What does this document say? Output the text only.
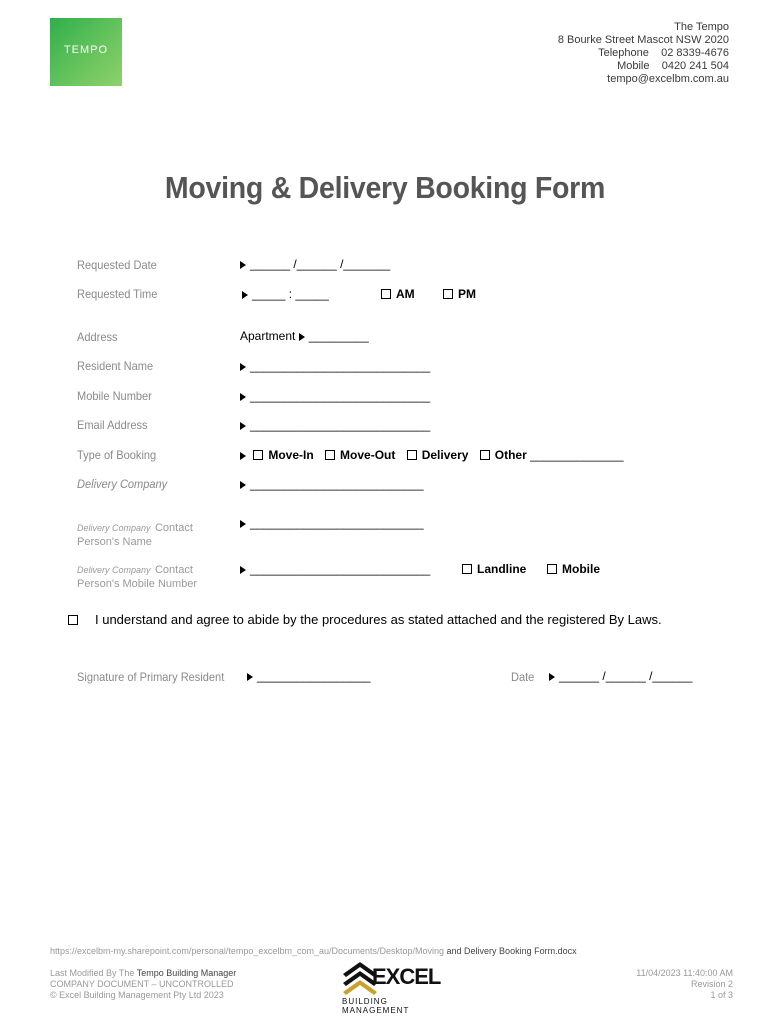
TEMPO
The Tempo
8 Bourke Street Mascot NSW 2020
Telephone    02 8339-4676
Mobile    0420 241 504
tempo@excelbm.com.au
Moving & Delivery Booking Form
Requested Date	______ /______ /_______
Requested Time	_____ : _____	AM	PM
Address	Apartment _________
Resident Name	___________________________
Mobile Number	___________________________
Email Address	___________________________
Type of Booking	Move-In Move-Out Delivery Other ______________
Delivery Company	__________________________
Delivery Company Contact
Person's Name
__________________________
Delivery Company Contact
Person's Mobile Number
___________________________	Landline	Mobile
I understand and agree to abide by the procedures as stated attached and the registered By Laws.
Signature of Primary Resident	_________________	Date	______ /______ /______
https://excelbm-my.sharepoint.com/personal/tempo_excelbm_com_au/Documents/Desktop/Moving and Delivery Booking Form.docx
Last Modified By The Tempo Building Manager
COMPANY DOCUMENT – UNCONTROLLED
© Excel Building Management Pty Ltd 2023
EXCEL
BUILDING MANAGEMENT
11/04/2023 11:40:00 AM
Revision 2
1 of 3
